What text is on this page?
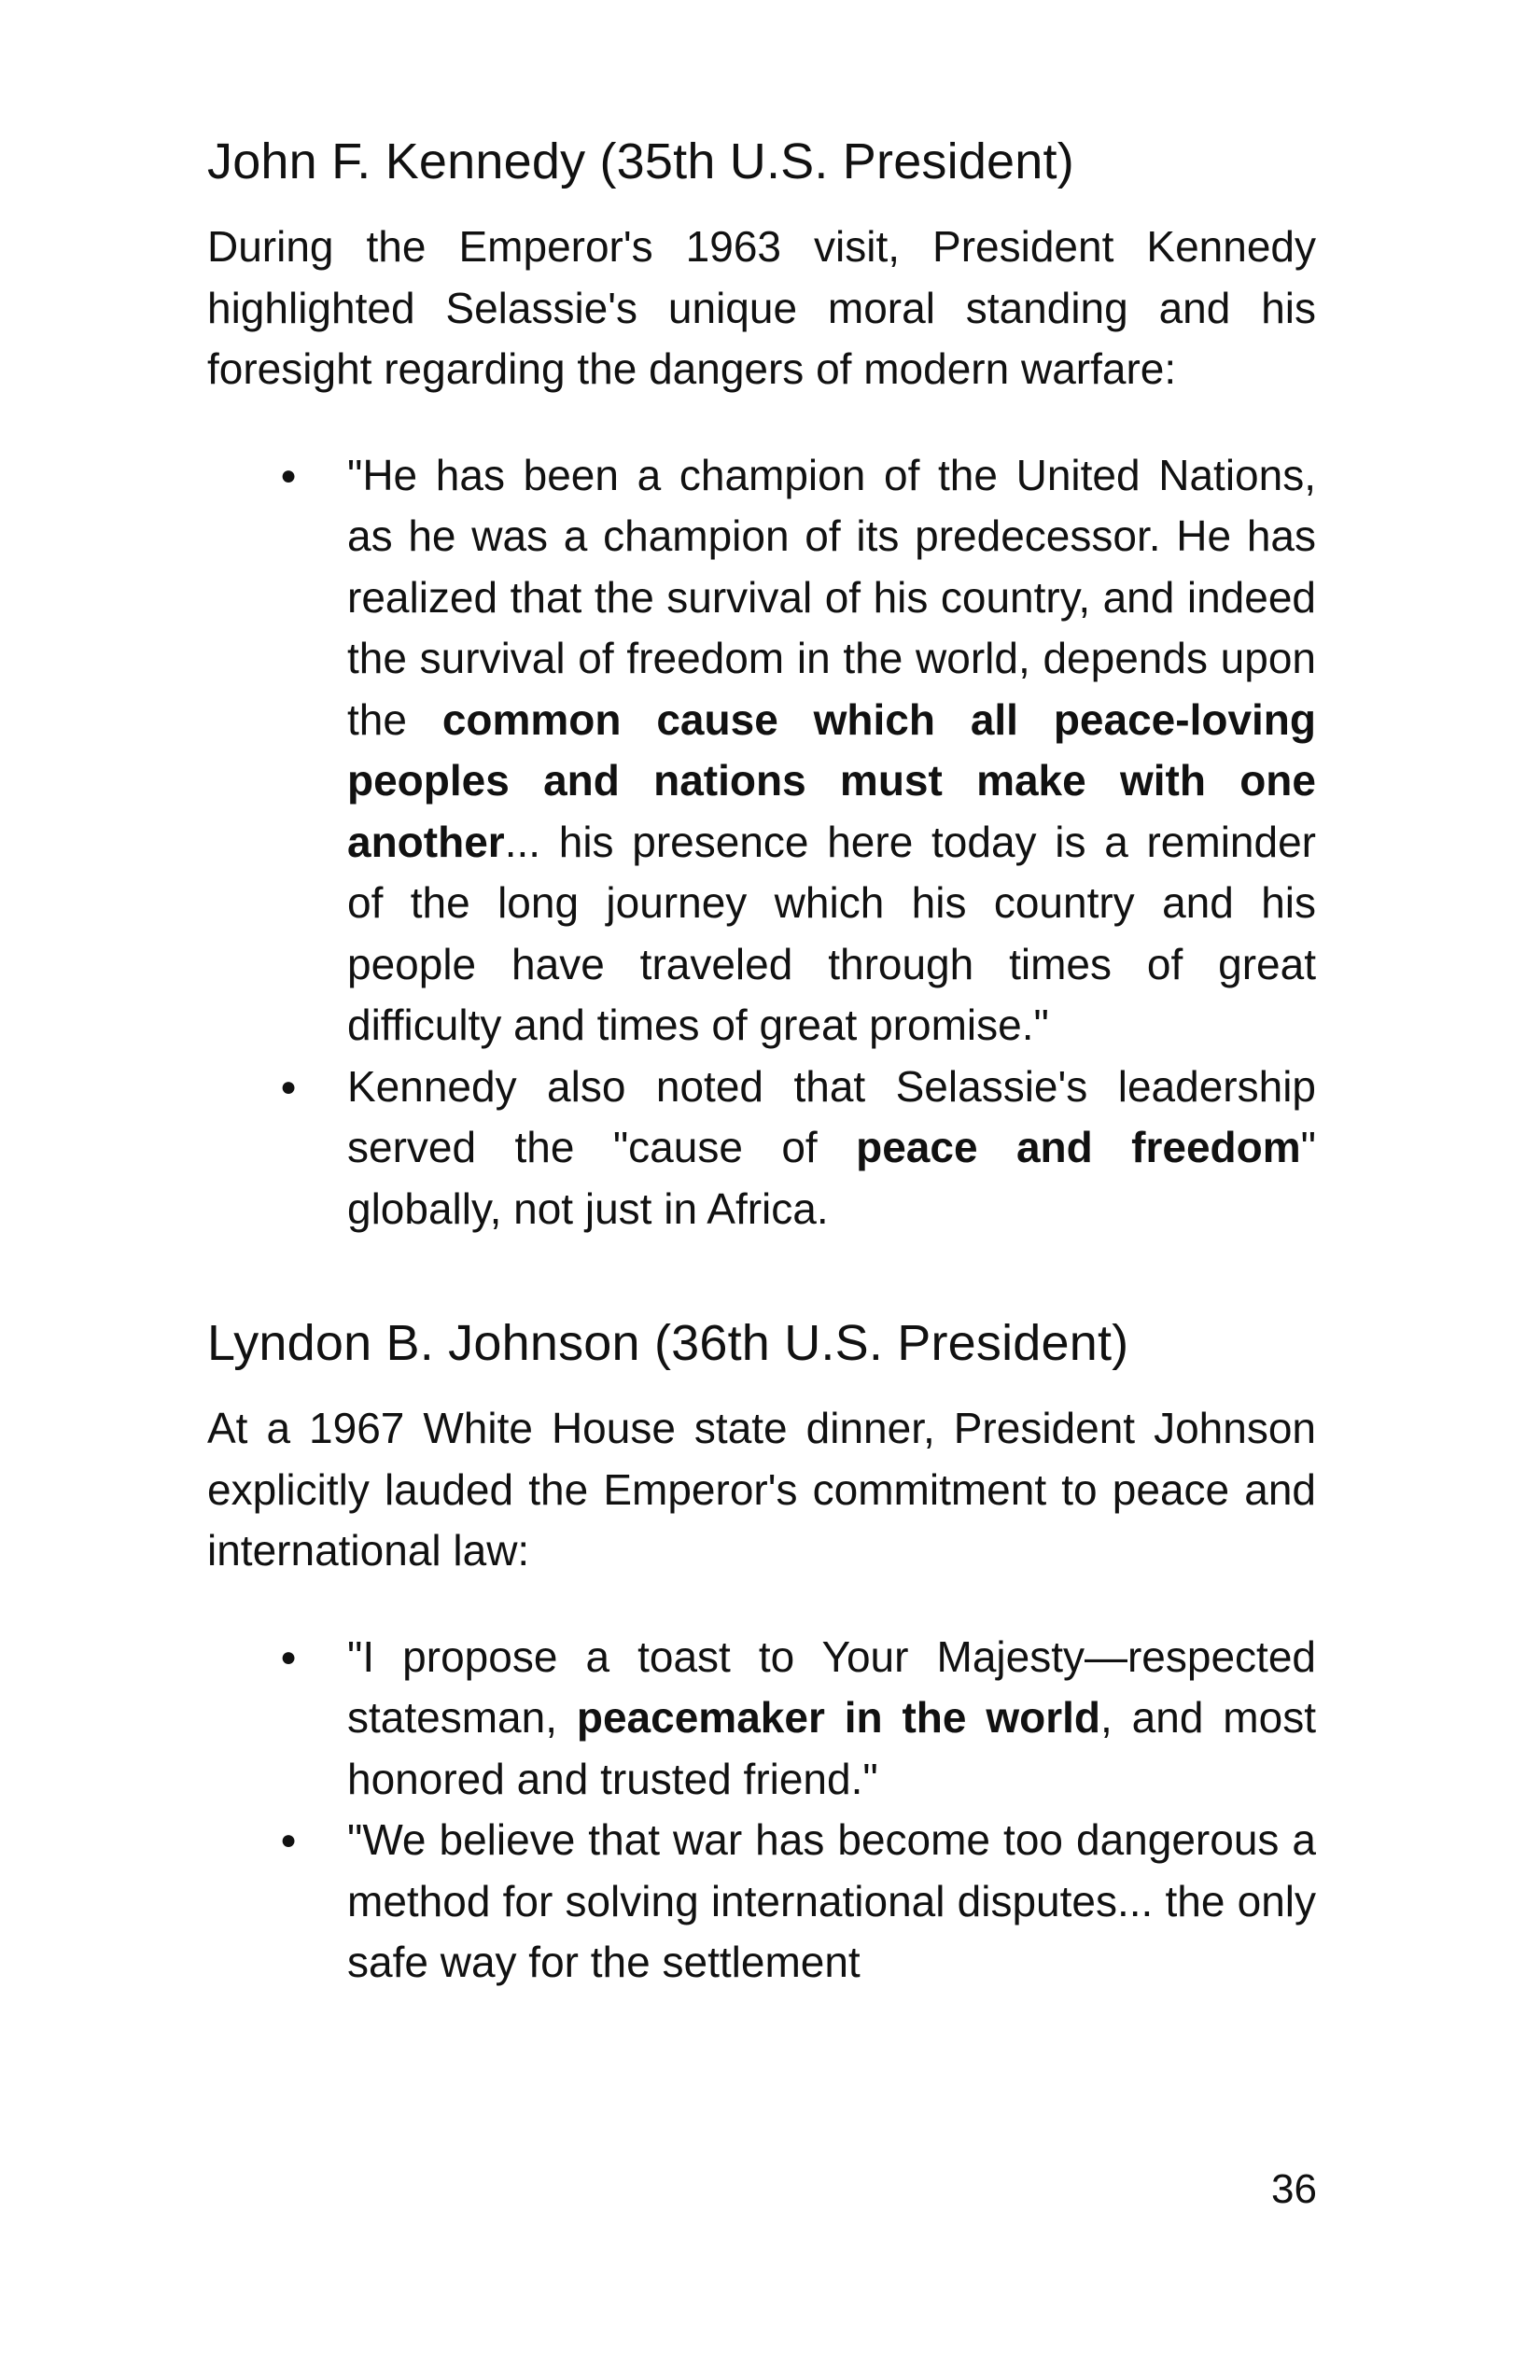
John F. Kennedy (35th U.S. President)

During the Emperor's 1963 visit, President Kennedy highlighted Selassie's unique moral standing and his foresight regarding the dangers of modern warfare:

● "He has been a champion of the United Nations, as he was a champion of its predecessor. He has realized that the survival of his country, and indeed the survival of freedom in the world, depends upon the common cause which all peace-loving peoples and nations must make with one another... his presence here today is a reminder of the long journey which his country and his people have traveled through times of great difficulty and times of great promise."
● Kennedy also noted that Selassie's leadership served the "cause of peace and freedom" globally, not just in Africa.
Lyndon B. Johnson (36th U.S. President)

At a 1967 White House state dinner, President Johnson explicitly lauded the Emperor's commitment to peace and international law:

● "I propose a toast to Your Majesty—respected statesman, peacemaker in the world, and most honored and trusted friend."
● "We believe that war has become too dangerous a method for solving international disputes... the only safe way for the settlement
36
